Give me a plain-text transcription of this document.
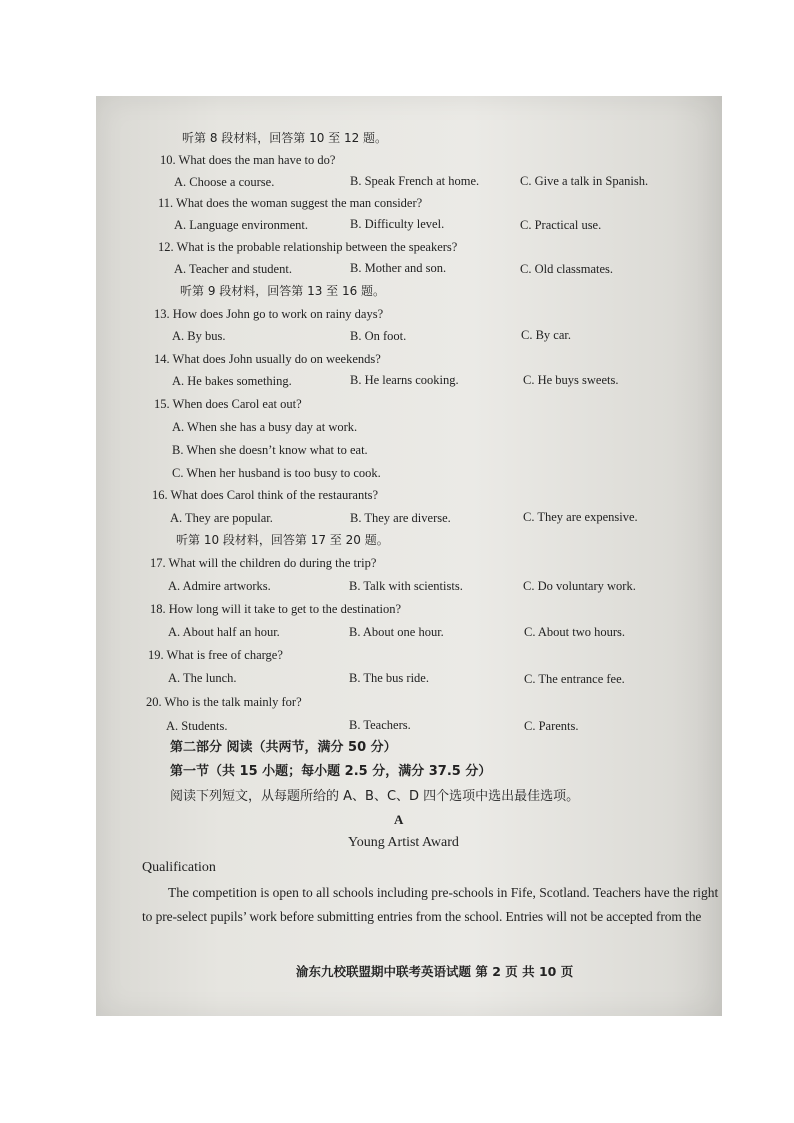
听第 8 段材料，回答第 10 至 12 题。
10. What does the man have to do?
A. Choose a course.	B. Speak French at home.	C. Give a talk in Spanish.
11. What does the woman suggest the man consider?
A. Language environment.	B. Difficulty level.	C. Practical use.
12. What is the probable relationship between the speakers?
A. Teacher and student.	B. Mother and son.	C. Old classmates.
听第 9 段材料，回答第 13 至 16 题。
13. How does John go to work on rainy days?
A. By bus.	B. On foot.	C. By car.
14. What does John usually do on weekends?
A. He bakes something.	B. He learns cooking.	C. He buys sweets.
15. When does Carol eat out?
A. When she has a busy day at work.
B. When she doesn’t know what to eat.
C. When her husband is too busy to cook.
16. What does Carol think of the restaurants?
A. They are popular.	B. They are diverse.	C. They are expensive.
听第 10 段材料，回答第 17 至 20 题。
17. What will the children do during the trip?
A. Admire artworks.	B. Talk with scientists.	C. Do voluntary work.
18. How long will it take to get to the destination?
A. About half an hour.	B. About one hour.	C. About two hours.
19. What is free of charge?
A. The lunch.	B. The bus ride.	C. The entrance fee.
20. Who is the talk mainly for?
A. Students.	B. Teachers.	C. Parents.
第二部分 阅读（共两节，满分 50 分）
第一节（共 15 小题；每小题 2.5 分，满分 37.5 分）
阅读下列短文，从每题所给的 A、B、C、D 四个选项中选出最佳选项。
A
Young Artist Award
Qualification
The competition is open to all schools including pre-schools in Fife, Scotland. Teachers have the right
to pre-select pupils’ work before submitting entries from the school. Entries will not be accepted from the
渝东九校联盟期中联考英语试题 第 2 页 共 10 页
